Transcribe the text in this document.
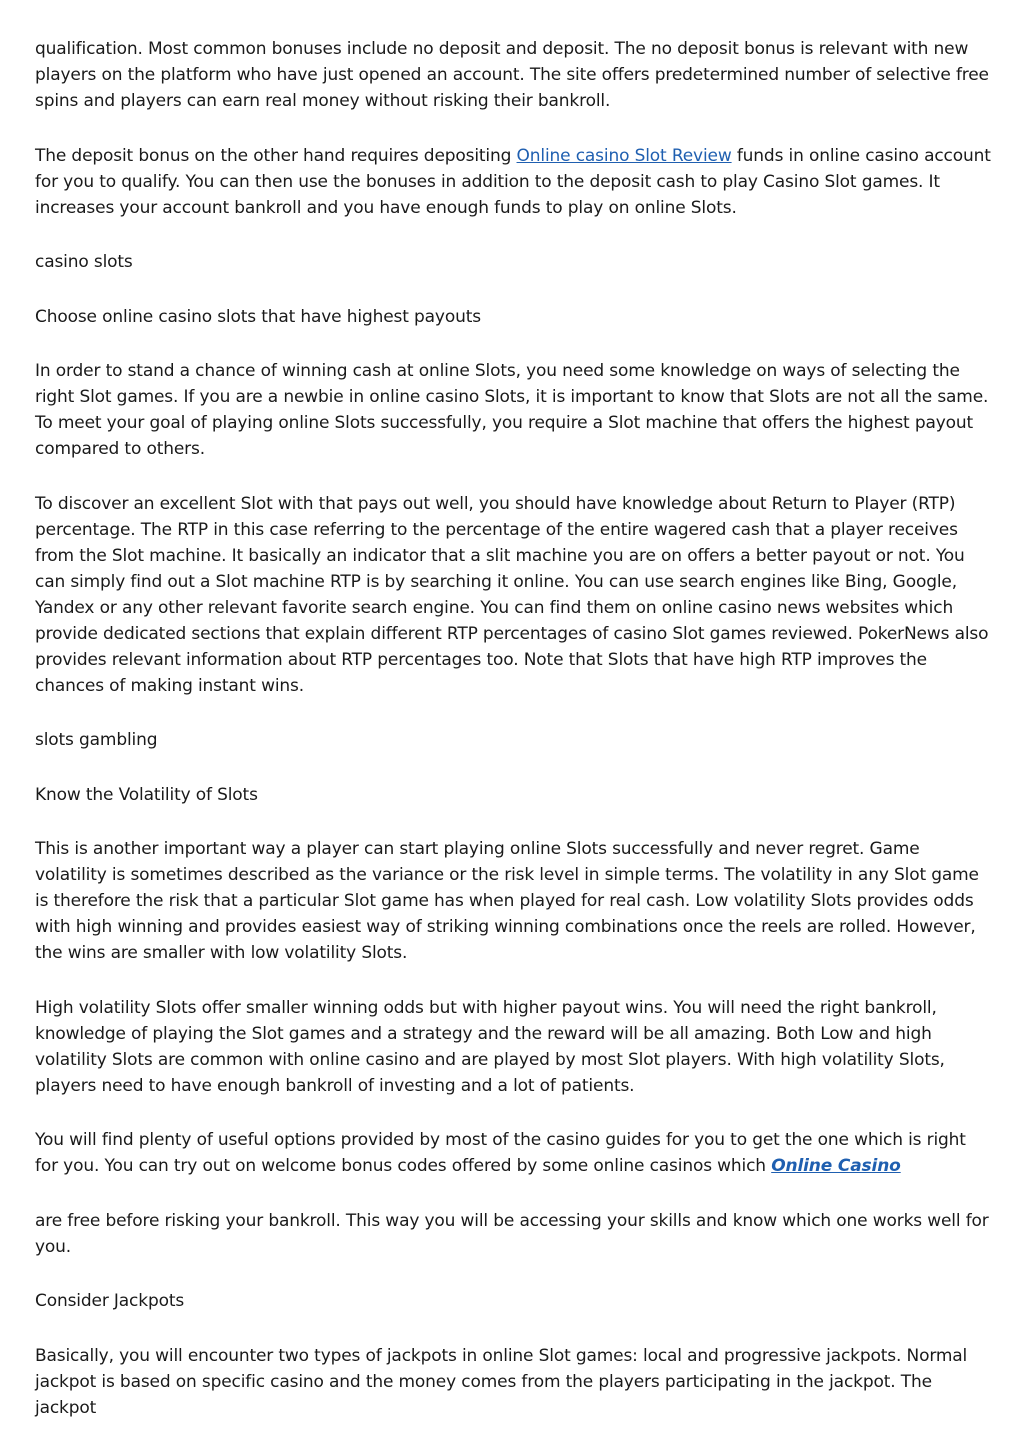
qualification. Most common bonuses include no deposit and deposit. The no deposit bonus is relevant with new players on the platform who have just opened an account. The site offers predetermined number of selective free spins and players can earn real money without risking their bankroll.

The deposit bonus on the other hand requires depositing Online casino Slot Review funds in online casino account for you to qualify. You can then use the bonuses in addition to the deposit cash to play Casino Slot games. It increases your account bankroll and you have enough funds to play on online Slots.

casino slots

Choose online casino slots that have highest payouts

In order to stand a chance of winning cash at online Slots, you need some knowledge on ways of selecting the right Slot games. If you are a newbie in online casino Slots, it is important to know that Slots are not all the same. To meet your goal of playing online Slots successfully, you require a Slot machine that offers the highest payout compared to others.

To discover an excellent Slot with that pays out well, you should have knowledge about Return to Player (RTP) percentage. The RTP in this case referring to the percentage of the entire wagered cash that a player receives from the Slot machine. It basically an indicator that a slit machine you are on offers a better payout or not. You can simply find out a Slot machine RTP is by searching it online. You can use search engines like Bing, Google, Yandex or any other relevant favorite search engine. You can find them on online casino news websites which provide dedicated sections that explain different RTP percentages of casino Slot games reviewed. PokerNews also provides relevant information about RTP percentages too. Note that Slots that have high RTP improves the chances of making instant wins.

slots gambling

Know the Volatility of Slots

This is another important way a player can start playing online Slots successfully and never regret. Game volatility is sometimes described as the variance or the risk level in simple terms. The volatility in any Slot game is therefore the risk that a particular Slot game has when played for real cash. Low volatility Slots provides odds with high winning and provides easiest way of striking winning combinations once the reels are rolled. However, the wins are smaller with low volatility Slots.

High volatility Slots offer smaller winning odds but with higher payout wins. You will need the right bankroll, knowledge of playing the Slot games and a strategy and the reward will be all amazing. Both Low and high volatility Slots are common with online casino and are played by most Slot players. With high volatility Slots, players need to have enough bankroll of investing and a lot of patients.

You will find plenty of useful options provided by most of the casino guides for you to get the one which is right for you. You can try out on welcome bonus codes offered by some online casinos which Online Casino

are free before risking your bankroll. This way you will be accessing your skills and know which one works well for you.

Consider Jackpots

Basically, you will encounter two types of jackpots in online Slot games: local and progressive jackpots. Normal jackpot is based on specific casino and the money comes from the players participating in the jackpot. The jackpot
